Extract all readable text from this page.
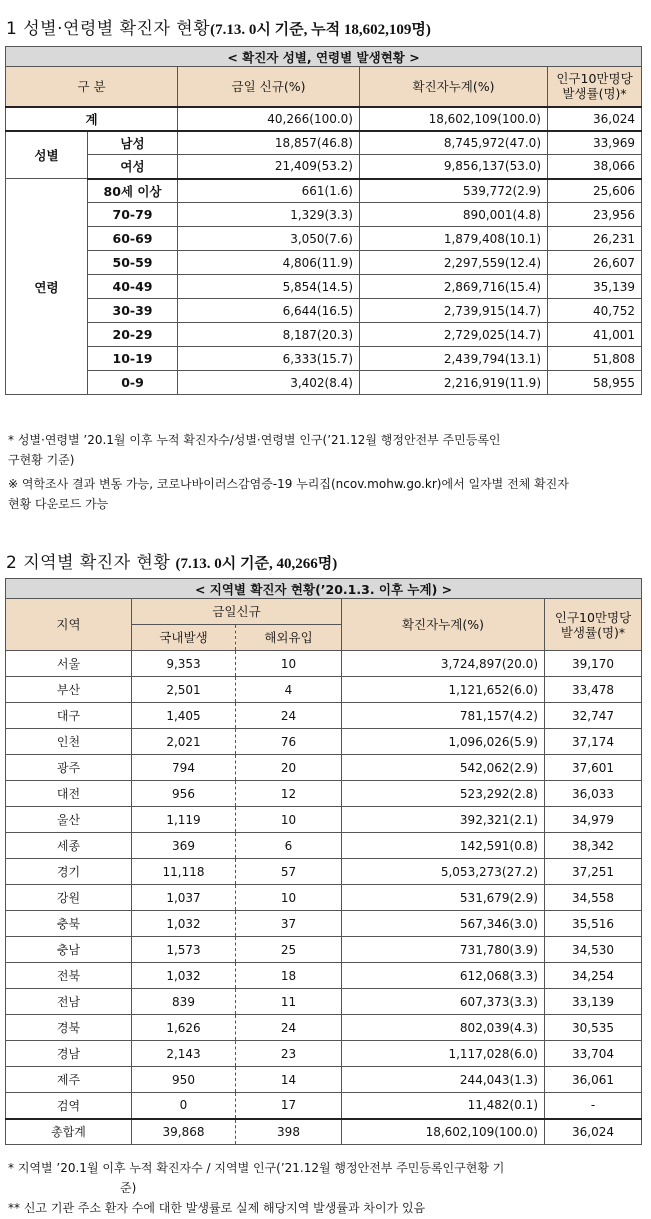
1 성별·연령별 확진자 현황(7.13. 0시 기준, 누적 18,602,109명)
< 확진자 성별, 연령별 발생현황 >				
구 분		금일 신규(%)	확진자누계(%)	인구10만명당
발생률(명)*
계		40,266(100.0)	18,602,109(100.0)	36,024
성별	남성	18,857(46.8)	8,745,972(47.0)	33,969
	여성	21,409(53.2)	9,856,137(53.0)	38,066
연령	80세 이상	661(1.6)	539,772(2.9)	25,606
	70-79	1,329(3.3)	890,001(4.8)	23,956
	60-69	3,050(7.6)	1,879,408(10.1)	26,231
	50-59	4,806(11.9)	2,297,559(12.4)	26,607
	40-49	5,854(14.5)	2,869,716(15.4)	35,139
	30-39	6,644(16.5)	2,739,915(14.7)	40,752
	20-29	8,187(20.3)	2,729,025(14.7)	41,001
	10-19	6,333(15.7)	2,439,794(13.1)	51,808
	0-9	3,402(8.4)	2,216,919(11.9)	58,955
* 성별·연령별 ’20.1월 이후 누적 확진자수/성별·연령별 인구(’21.12월 행정안전부 주민등록인
구현황 기준)
※ 역학조사 결과 변동 가능, 코로나바이러스감염증-19 누리집(ncov.mohw.go.kr)에서 일자별 전체 확진자
현황 다운로드 가능
2 지역별 확진자 현황 (7.13. 0시 기준, 40,266명)
< 지역별 확진자 현황(’20.1.3. 이후 누계) >				
지역	금일신규		확진자누계(%)	인구10만명당
발생률(명)*
	국내발생	해외유입		
서울	9,353	10	3,724,897(20.0)	39,170
부산	2,501	4	1,121,652(6.0)	33,478
대구	1,405	24	781,157(4.2)	32,747
인천	2,021	76	1,096,026(5.9)	37,174
광주	794	20	542,062(2.9)	37,601
대전	956	12	523,292(2.8)	36,033
울산	1,119	10	392,321(2.1)	34,979
세종	369	6	142,591(0.8)	38,342
경기	11,118	57	5,053,273(27.2)	37,251
강원	1,037	10	531,679(2.9)	34,558
충북	1,032	37	567,346(3.0)	35,516
충남	1,573	25	731,780(3.9)	34,530
전북	1,032	18	612,068(3.3)	34,254
전남	839	11	607,373(3.3)	33,139
경북	1,626	24	802,039(4.3)	30,535
경남	2,143	23	1,117,028(6.0)	33,704
제주	950	14	244,043(1.3)	36,061
검역	0	17	11,482(0.1)	-
총합계	39,868	398	18,602,109(100.0)	36,024
* 지역별 ’20.1월 이후 누적 확진자수 / 지역별 인구(’21.12월 행정안전부 주민등록인구현황 기
준)
** 신고 기관 주소 환자 수에 대한 발생률로 실제 해당지역 발생률과 차이가 있음
